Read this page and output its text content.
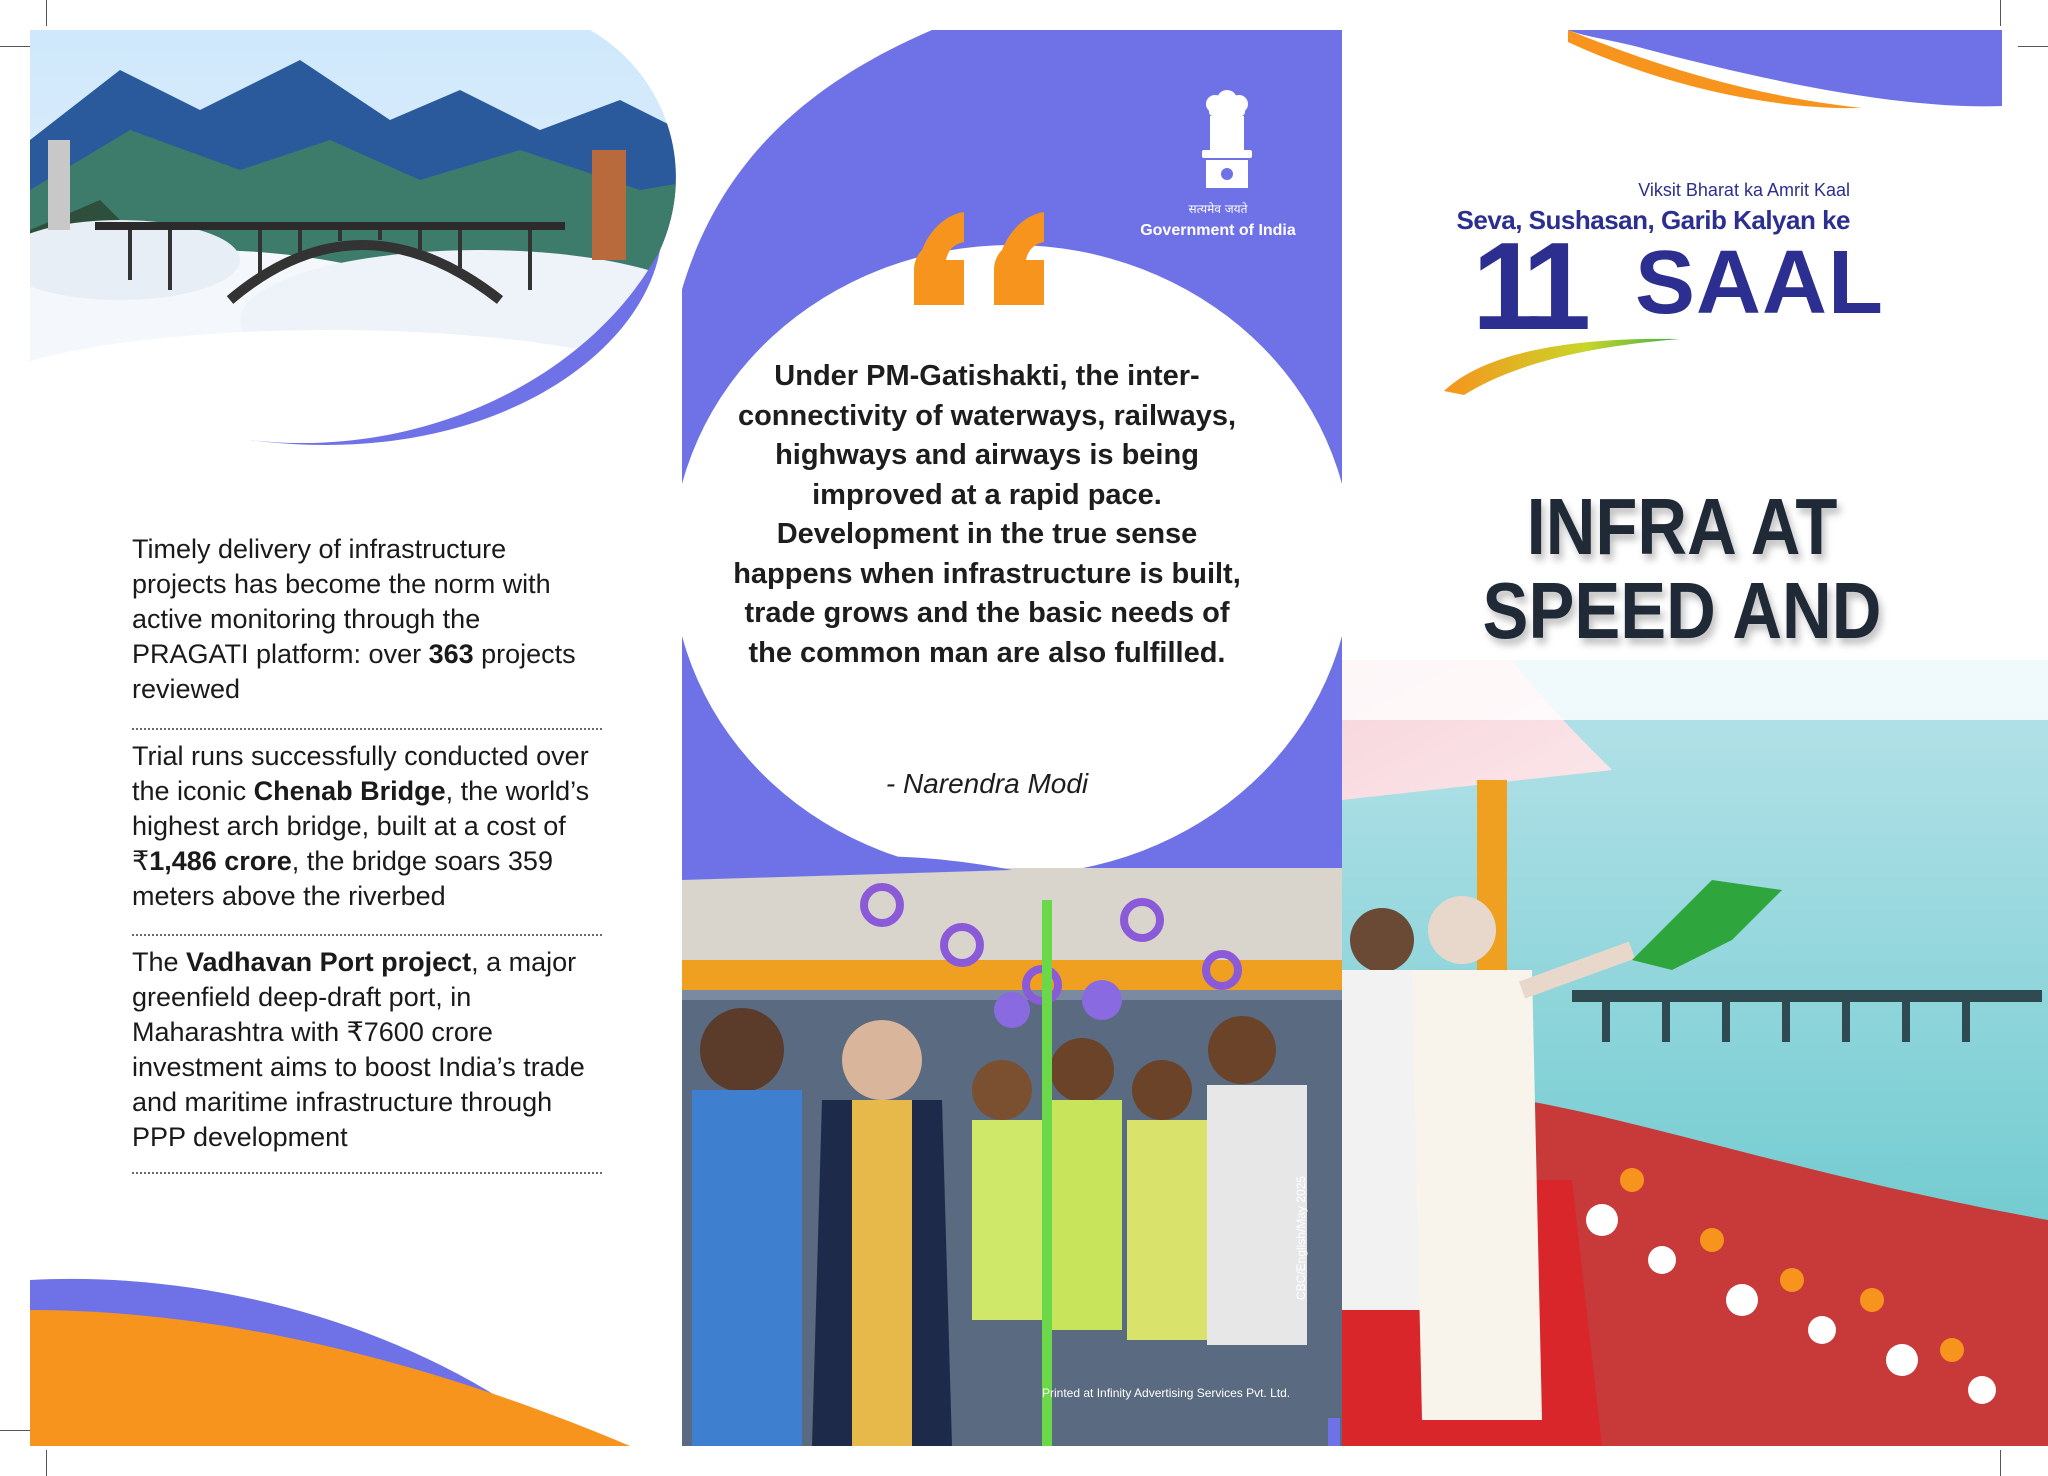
Timely delivery of infrastructure projects has become the norm with active monitoring through the PRAGATI platform: over 363 projects reviewed
Trial runs successfully conducted over the iconic Chenab Bridge, the world’s highest arch bridge, built at a cost of ₹1,486 crore, the bridge soars 359 meters above the riverbed
The Vadhavan Port project, a major greenfield deep-draft port, in Maharashtra with ₹7600 crore investment aims to boost India’s trade and maritime infrastructure through PPP development
सत्यमेव जयते
Government of India
Under PM-Gatishakti, the inter-connectivity of waterways, railways, highways and airways is being improved at a rapid pace. Development in the true sense happens when infrastructure is built, trade grows and the basic needs of the common man are also fulfilled.
- Narendra Modi
CBC/English/May 2025
Printed at Infinity Advertising Services Pvt. Ltd.
Viksit Bharat ka Amrit Kaal
Seva, Sushasan, Garib Kalyan ke
11 SAAL
INFRA AT SPEED AND
